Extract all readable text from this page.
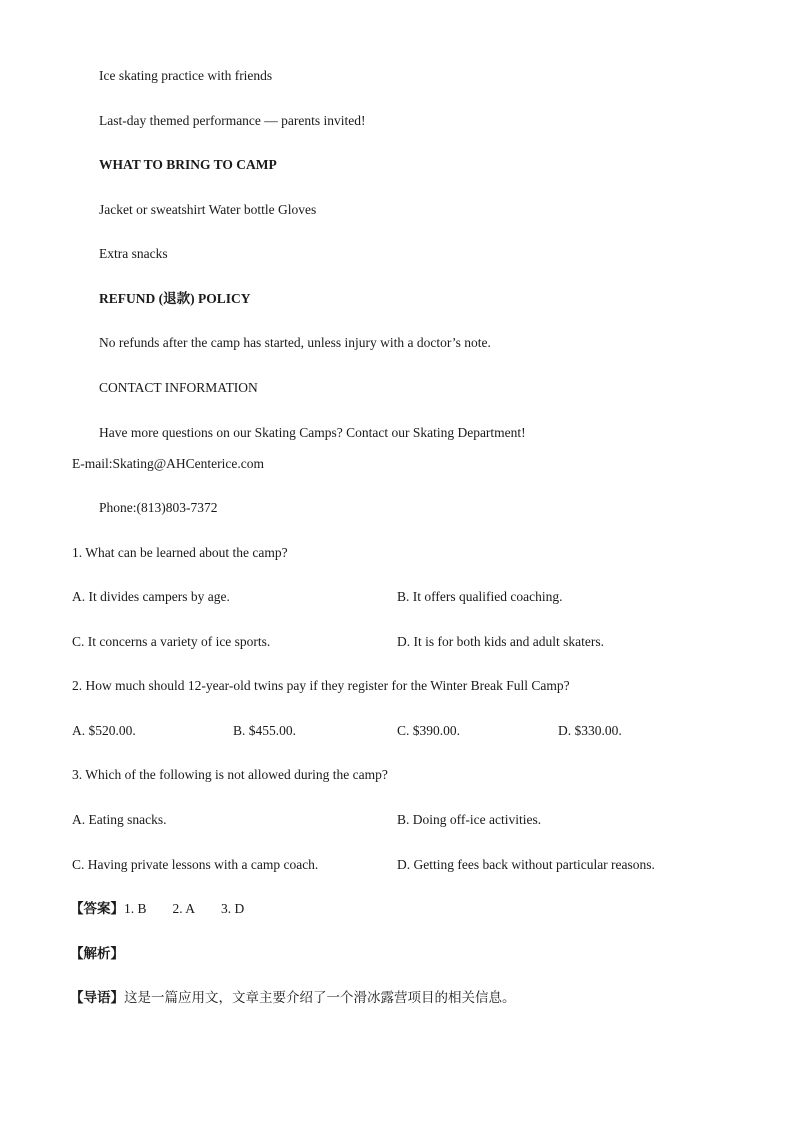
Ice skating practice with friends
Last-day themed performance — parents invited!
WHAT TO BRING TO CAMP
Jacket or sweatshirt Water bottle Gloves
Extra snacks
REFUND (退款) POLICY
No refunds after the camp has started, unless injury with a doctor’s note.
CONTACT INFORMATION
Have more questions on our Skating Camps? Contact our Skating Department!
E-mail:Skating@AHCenterice.com
Phone:(813)803-7372
1. What can be learned about the camp?
A. It divides campers by age.	B. It offers qualified coaching.
C. It concerns a variety of ice sports.	D. It is for both kids and adult skaters.
2. How much should 12-year-old twins pay if they register for the Winter Break Full Camp?
A. $520.00.	B. $455.00.	C. $390.00.	D. $330.00.
3. Which of the following is not allowed during the camp?
A. Eating snacks.	B. Doing off-ice activities.
C. Having private lessons with a camp coach.	D. Getting fees back without particular reasons.
【答案】1. B 2. A 3. D
【解析】
【导语】这是一篇应用文，文章主要介绍了一个滑冰露营项目的相关信息。
